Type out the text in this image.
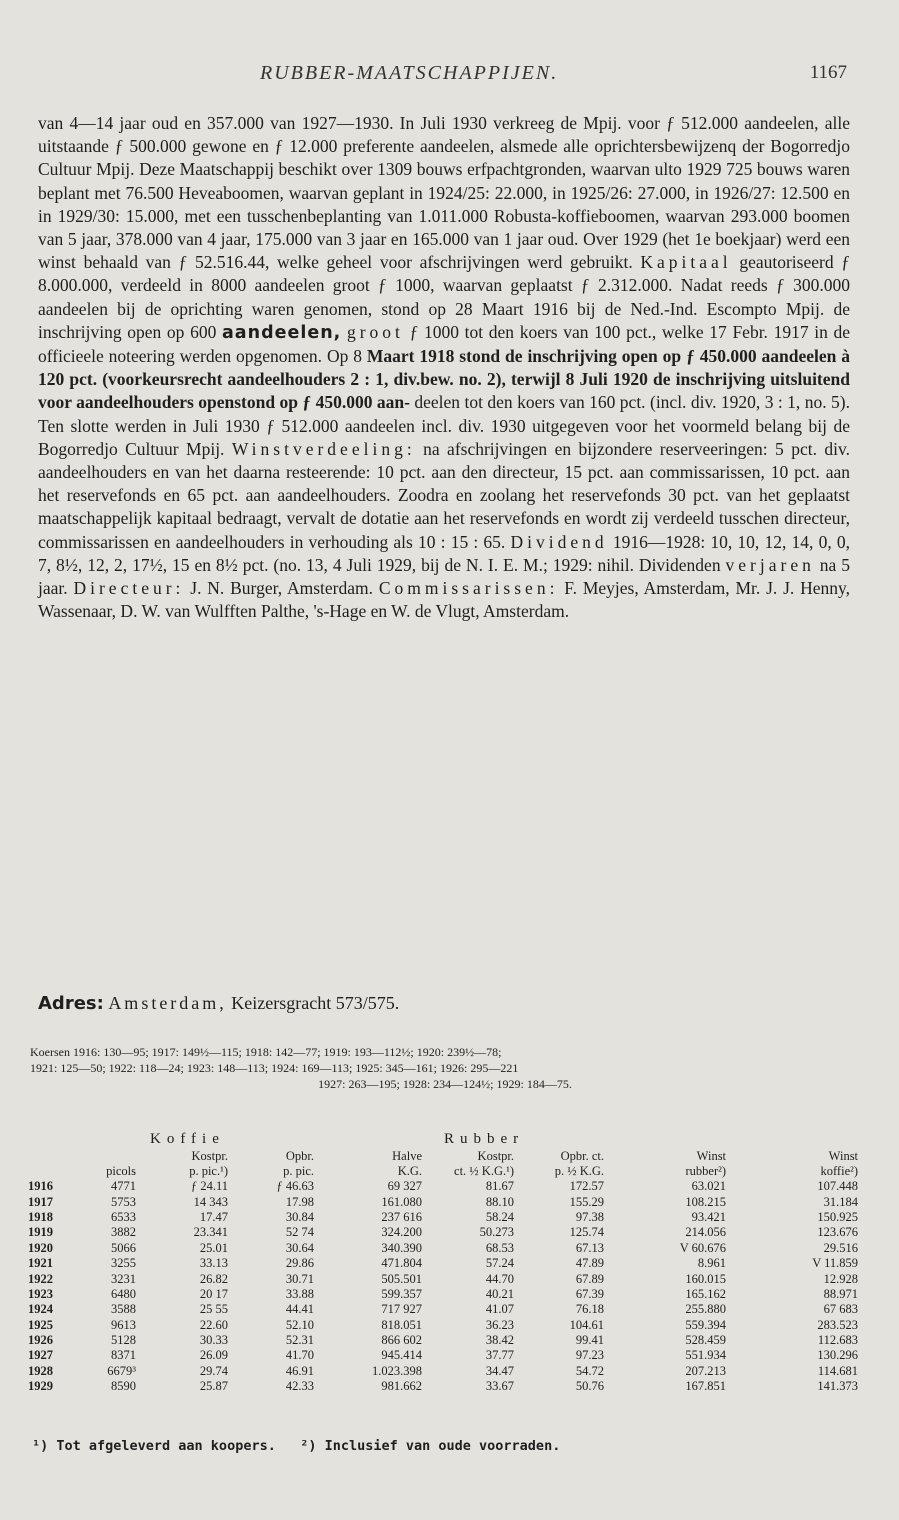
RUBBER-MAATSCHAPPIJEN.	1167

van 4—14 jaar oud en 357.000 van 1927—1930. In Juli 1930 verkreeg de Mpij. voor ƒ 512.000 aandeelen, alle uitstaande ƒ 500.000 gewone en ƒ 12.000 preferente aandeelen, alsmede alle oprichtersbewijzenq der Bogorredjo Cultuur Mpij. Deze Maatschappij beschikt over 1309 bouws erfpachtgronden, waarvan ulto 1929 725 bouws waren beplant met 76.500 Heveaboomen, waarvan geplant in 1924/25: 22.000, in 1925/26: 27.000, in 1926/27: 12.500 en in 1929/30: 15.000, met een tusschenbeplanting van 1.011.000 Robusta-koffieboomen, waarvan 293.000 boomen van 5 jaar, 378.000 van 4 jaar, 175.000 van 3 jaar en 165.000 van 1 jaar oud. Over 1929 (het 1e boekjaar) werd een winst behaald van ƒ 52.516.44, welke geheel voor afschrijvingen werd gebruikt. Kapitaal geautoriseerd ƒ 8.000.000, verdeeld in 8000 aandeelen groot ƒ 1000, waarvan geplaatst ƒ 2.312.000. Nadat reeds ƒ 300.000 aandeelen bij de oprichting waren genomen, stond op 28 Maart 1916 bij de Ned.-Ind. Escompto Mpij. de inschrijving open op 600 aandeelen, groot ƒ 1000 tot den koers van 100 pct., welke 17 Febr. 1917 in de officieele noteering werden opgenomen. Op 8 Maart 1918 stond de inschrijving open op ƒ 450.000 aandeelen à 120 pct. (voorkeursrecht aandeelhouders 2 : 1, div.bew. no. 2), terwijl 8 Juli 1920 de inschrijving uitsluitend voor aandeelhouders openstond op ƒ 450.000 aan- deelen tot den koers van 160 pct. (incl. div. 1920, 3 : 1, no. 5). Ten slotte werden in Juli 1930 ƒ 512.000 aandeelen incl. div. 1930 uitgegeven voor het voormeld belang bij de Bogorredjo Cultuur Mpij. Winstverdeeling: na afschrijvingen en bijzondere reserveeringen: 5 pct. div. aandeelhouders en van het daarna resteerende: 10 pct. aan den directeur, 15 pct. aan commissarissen, 10 pct. aan het reservefonds en 65 pct. aan aandeelhouders. Zoodra en zoolang het reservefonds 30 pct. van het geplaatst maatschappelijk kapitaal bedraagt, vervalt de dotatie aan het reservefonds en wordt zij verdeeld tusschen directeur, commissarissen en aandeelhouders in verhouding als 10 : 15 : 65. Dividend 1916—1928: 10, 10, 12, 14, 0, 0, 7, 8½, 12, 2, 17½, 15 en 8½ pct. (no. 13, 4 Juli 1929, bij de N. I. E. M.; 1929: nihil. Dividenden verjaren na 5 jaar. Directeur: J. N. Burger, Amsterdam. Commissarissen: F. Meyjes, Amsterdam, Mr. J. J. Henny, Wassenaar, D. W. van Wulfften Palthe, 's-Hage en W. de Vlugt, Amsterdam.

Adres: Amsterdam, Keizersgracht 573/575.
Koersen 1916: 130—95; 1917: 149½—115; 1918: 142—77; 1919: 193—112½; 1920: 239½—78;
1921: 125—50; 1922: 118—24; 1923: 148—113; 1924: 169—113; 1925: 345—161; 1926: 295—221
1927: 263—195; 1928: 234—124½; 1929: 184—75.
		Koffie			Rubber			
		Kostpr.	Opbr.	Halve	Kostpr.	Opbr. ct.	Winst	Winst
	picols	p. pic.¹)	p. pic.	K.G.	ct. ½ K.G.¹)	p. ½ K.G.	rubber²)	koffie²)
1916	4771	ƒ 24.11	ƒ 46.63	69 327	81.67	172.57	63.021	107.448
1917	5753	14 343	17.98	161.080	88.10	155.29	108.215	31.184
1918	6533	17.47	30.84	237 616	58.24	97.38	93.421	150.925
1919	3882	23.341	52 74	324.200	50.273	125.74	214.056	123.676
1920	5066	25.01	30.64	340.390	68.53	67.13	V 60.676	29.516
1921	3255	33.13	29.86	471.804	57.24	47.89	8.961	V 11.859
1922	3231	26.82	30.71	505.501	44.70	67.89	160.015	12.928
1923	6480	20 17	33.88	599.357	40.21	67.39	165.162	88.971
1924	3588	25 55	44.41	717 927	41.07	76.18	255.880	67 683
1925	9613	22.60	52.10	818.051	36.23	104.61	559.394	283.523
1926	5128	30.33	52.31	866 602	38.42	99.41	528.459	112.683
1927	8371	26.09	41.70	945.414	37.77	97.23	551.934	130.296
1928	6679³	29.74	46.91	1.023.398	34.47	54.72	207.213	114.681
1929	8590	25.87	42.33	981.662	33.67	50.76	167.851	141.373
¹) Tot afgeleverd aan koopers. ²) Inclusief van oude voorraden.
